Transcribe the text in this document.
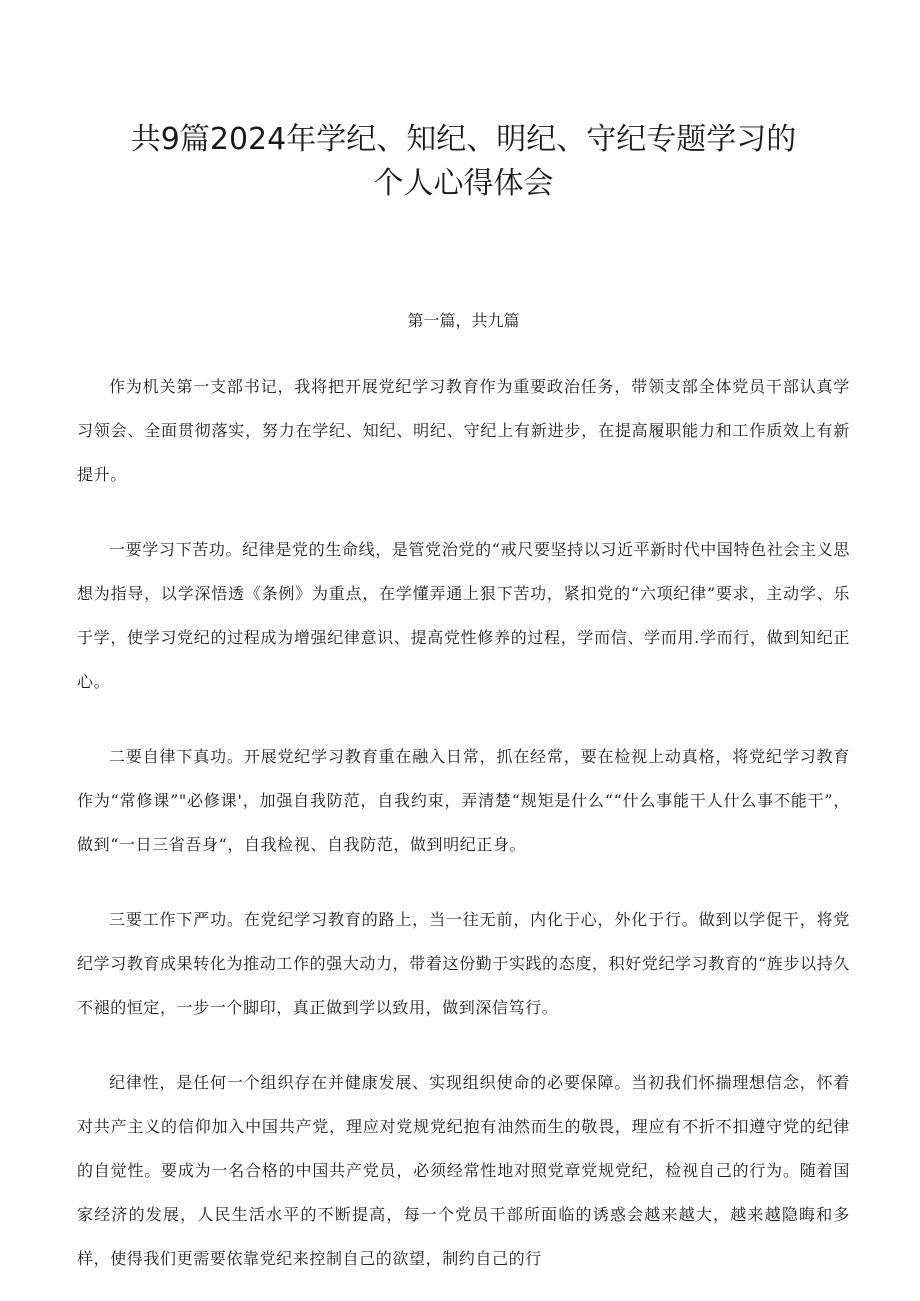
共9篇2024年学纪、知纪、明纪、守纪专题学习的
个人心得体会
第一篇，共九篇

作为机关第一支部书记，我将把开展党纪学习教育作为重要政治任务，带领支部全体党员干部认真学习领会、全面贯彻落实，努力在学纪、知纪、明纪、守纪上有新进步，在提高履职能力和工作质效上有新提升。

一要学习下苦功。纪律是党的生命线，是管党治党的“戒尺要坚持以习近平新时代中国特色社会主义思想为指导，以学深悟透《条例》为重点，在学懂弄通上狠下苦功，紧扣党的“六项纪律”要求，主动学、乐于学，使学习党纪的过程成为增强纪律意识、提高党性修养的过程，学而信、学而用.学而行，做到知纪正心。

二要自律下真功。开展党纪学习教育重在融入日常，抓在经常，要在检视上动真格，将党纪学习教育作为“常修课”"必修课'，加强自我防范，自我约束，弄清楚“规矩是什么““什么事能干人什么事不能干”，做到“一日三省吾身“，自我检视、自我防范，做到明纪正身。

三要工作下严功。在党纪学习教育的路上，当一往无前，内化于心，外化于行。做到以学促干，将党纪学习教育成果转化为推动工作的强大动力，带着这份勤于实践的态度，积好党纪学习教育的“旌步以持久不褪的恒定，一步一个脚印，真正做到学以致用，做到深信笃行。

纪律性，是任何一个组织存在并健康发展、实现组织使命的必要保障。当初我们怀揣理想信念，怀着对共产主义的信仰加入中国共产党，理应对党规党纪抱有油然而生的敬畏，理应有不折不扣遵守党的纪律的自觉性。要成为一名合格的中国共产党员，必须经常性地对照党章党规党纪，检视自己的行为。随着国家经济的发展，人民生活水平的不断提高，每一个党员干部所面临的诱惑会越来越大，越来越隐晦和多样，使得我们更需要依靠党纪来控制自己的欲望，制约自己的行
